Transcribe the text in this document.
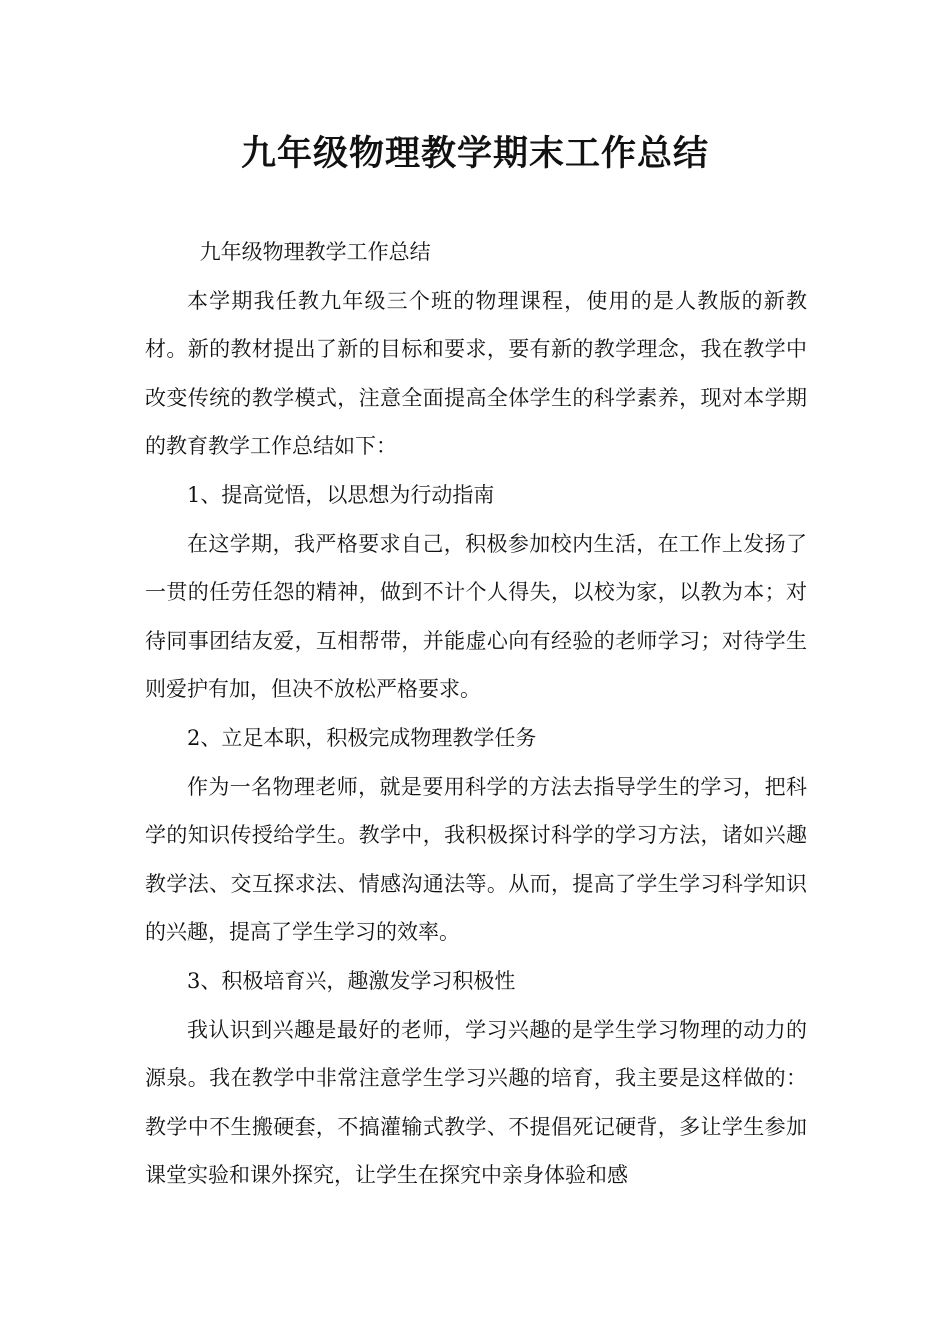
九年级物理教学期末工作总结

九年级物理教学工作总结

本学期我任教九年级三个班的物理课程，使用的是人教版的新教材。新的教材提出了新的目标和要求，要有新的教学理念，我在教学中改变传统的教学模式，注意全面提高全体学生的科学素养，现对本学期的教育教学工作总结如下：

1、提高觉悟，以思想为行动指南

在这学期，我严格要求自己，积极参加校内生活，在工作上发扬了一贯的任劳任怨的精神，做到不计个人得失，以校为家，以教为本；对待同事团结友爱，互相帮带，并能虚心向有经验的老师学习；对待学生则爱护有加，但决不放松严格要求。

2、立足本职，积极完成物理教学任务

作为一名物理老师，就是要用科学的方法去指导学生的学习，把科学的知识传授给学生。教学中，我积极探讨科学的学习方法，诸如兴趣教学法、交互探求法、情感沟通法等。从而，提高了学生学习科学知识的兴趣，提高了学生学习的效率。

3、积极培育兴，趣激发学习积极性

我认识到兴趣是最好的老师，学习兴趣的是学生学习物理的动力的源泉。我在教学中非常注意学生学习兴趣的培育，我主要是这样做的：教学中不生搬硬套，不搞灌输式教学、不提倡死记硬背，多让学生参加课堂实验和课外探究，让学生在探究中亲身体验和感
